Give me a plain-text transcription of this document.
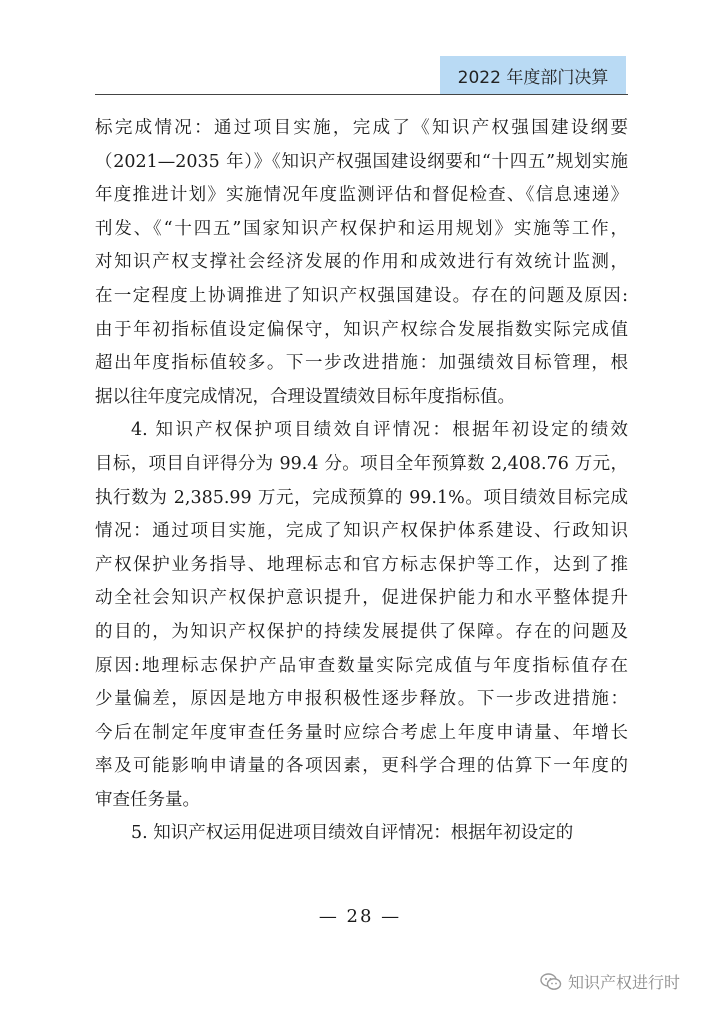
2022 年度部门决算
标完成情况：通过项目实施，完成了《知识产权强国建设纲要
（2021—2035 年）》《知识产权强国建设纲要和“十四五”规划实施
年度推进计划》实施情况年度监测评估和督促检查、《信息速递》
刊发、《“十四五”国家知识产权保护和运用规划》实施等工作，
对知识产权支撑社会经济发展的作用和成效进行有效统计监测，
在一定程度上协调推进了知识产权强国建设。存在的问题及原因:
由于年初指标值设定偏保守，知识产权综合发展指数实际完成值
超出年度指标值较多。下一步改进措施：加强绩效目标管理，根
据以往年度完成情况，合理设置绩效目标年度指标值。
4. 知识产权保护项目绩效自评情况：根据年初设定的绩效
目标，项目自评得分为 99.4 分。项目全年预算数 2,408.76 万元，
执行数为 2,385.99 万元，完成预算的 99.1%。项目绩效目标完成
情况：通过项目实施，完成了知识产权保护体系建设、行政知识
产权保护业务指导、地理标志和官方标志保护等工作，达到了推
动全社会知识产权保护意识提升，促进保护能力和水平整体提升
的目的，为知识产权保护的持续发展提供了保障。存在的问题及
原因:地理标志保护产品审查数量实际完成值与年度指标值存在
少量偏差，原因是地方申报积极性逐步释放。下一步改进措施：
今后在制定年度审查任务量时应综合考虑上年度申请量、年增长
率及可能影响申请量的各项因素，更科学合理的估算下一年度的
审查任务量。
5. 知识产权运用促进项目绩效自评情况：根据年初设定的
— 28 —
知识产权进行时
